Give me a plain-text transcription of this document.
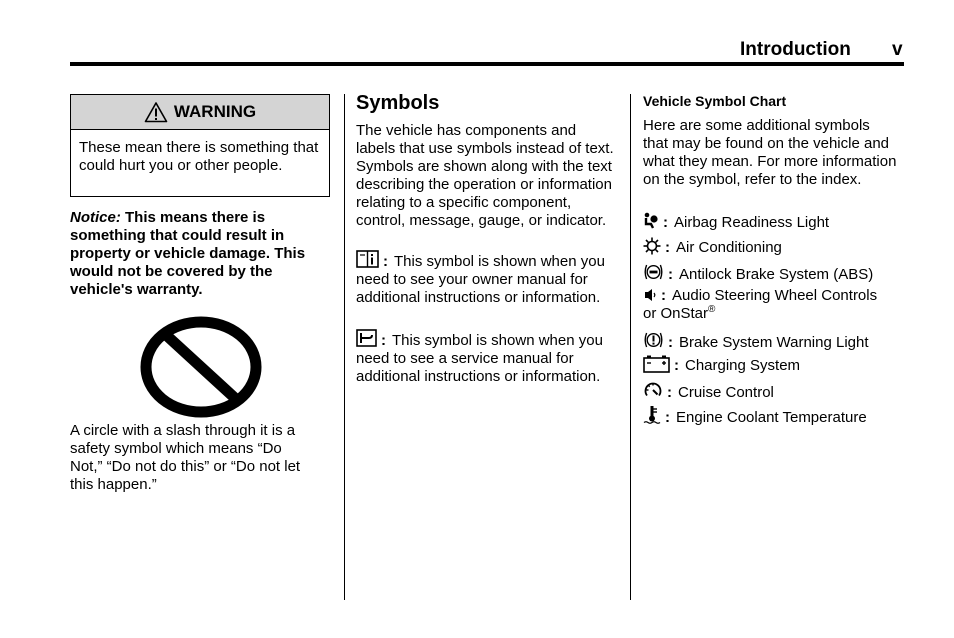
Introduction v
WARNING
These mean there is something that could hurt you or other people.
Notice: This means there is something that could result in property or vehicle damage. This would not be covered by the vehicle's warranty.
A circle with a slash through it is a safety symbol which means “Do Not,” “Do not do this” or “Do not let this happen.”
Symbols
The vehicle has components and labels that use symbols instead of text. Symbols are shown along with the text describing the operation or information relating to a specific component, control, message, gauge, or indicator.
: This symbol is shown when you need to see your owner manual for additional instructions or information.
: This symbol is shown when you need to see a service manual for additional instructions or information.
Vehicle Symbol Chart
Here are some additional symbols that may be found on the vehicle and what they mean. For more information on the symbol, refer to the index.
: Airbag Readiness Light
: Air Conditioning
: Antilock Brake System (ABS)
: Audio Steering Wheel Controls
or OnStar®
: Brake System Warning Light
: Charging System
: Cruise Control
: Engine Coolant Temperature
